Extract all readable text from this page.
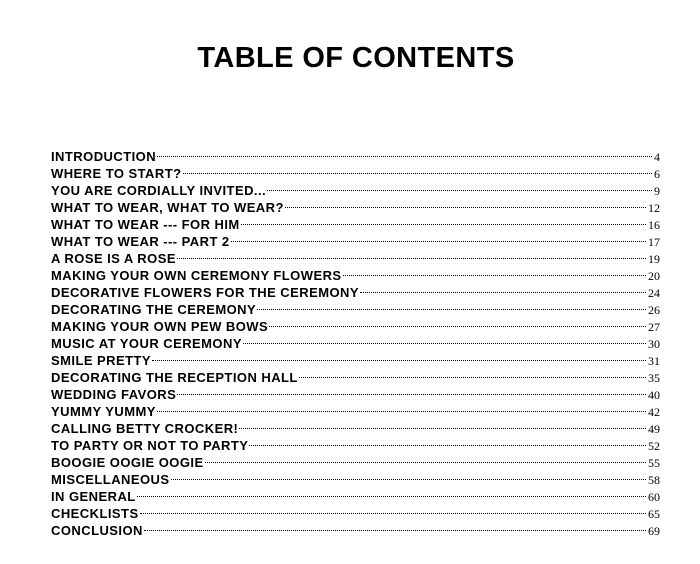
TABLE OF CONTENTS
INTRODUCTION	4
WHERE TO START?	6
YOU ARE CORDIALLY INVITED...	9
WHAT TO WEAR, WHAT TO WEAR?	12
WHAT TO WEAR --- FOR HIM	16
WHAT TO WEAR --- PART 2	17
A ROSE IS A ROSE	19
MAKING YOUR OWN CEREMONY FLOWERS	20
DECORATIVE FLOWERS FOR THE CEREMONY	24
DECORATING THE CEREMONY	26
MAKING YOUR OWN PEW BOWS	27
MUSIC AT YOUR CEREMONY	30
SMILE PRETTY	31
DECORATING THE RECEPTION HALL	35
WEDDING FAVORS	40
YUMMY YUMMY	42
CALLING BETTY CROCKER!	49
TO PARTY OR NOT TO PARTY	52
BOOGIE OOGIE OOGIE	55
MISCELLANEOUS	58
IN GENERAL	60
CHECKLISTS	65
CONCLUSION	69
